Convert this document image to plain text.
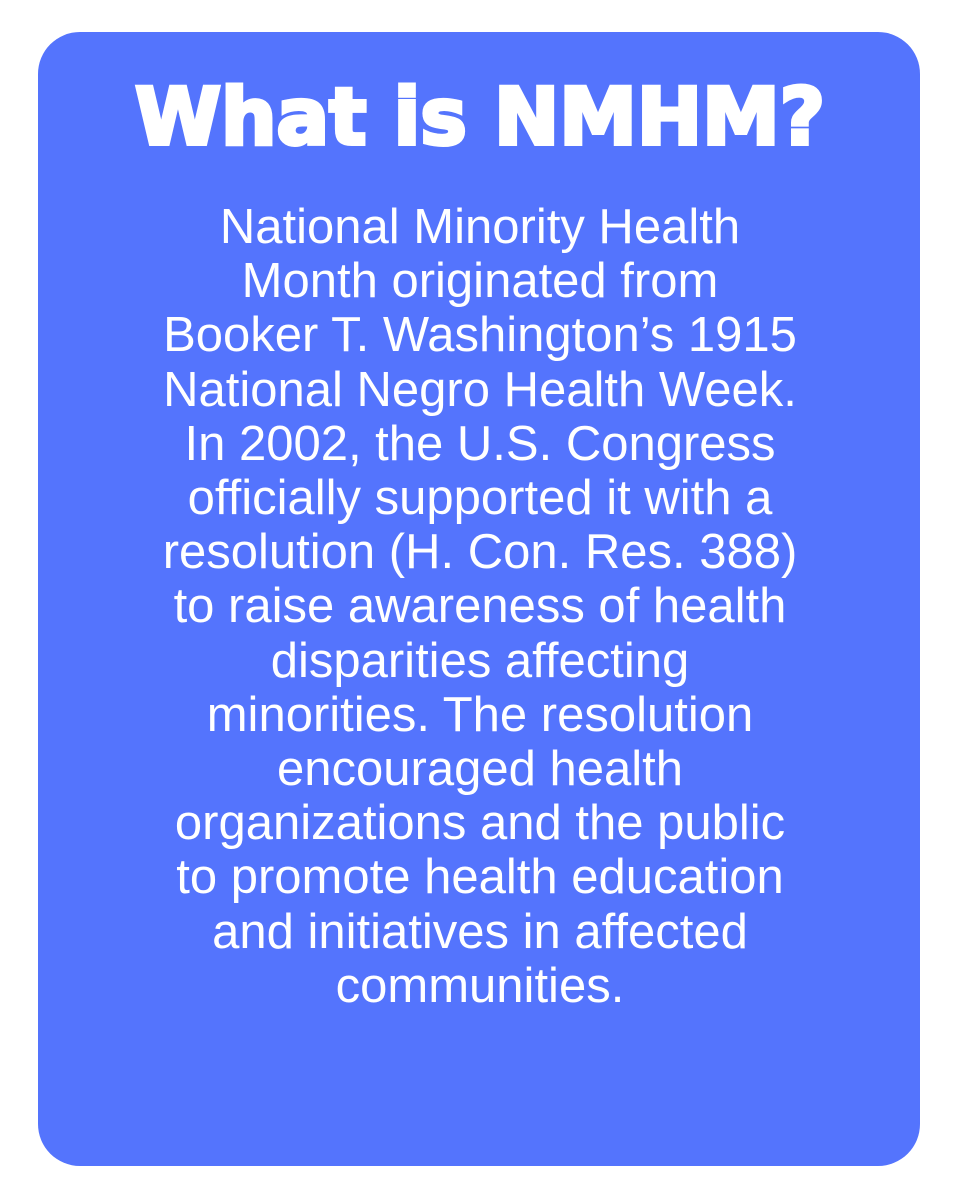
What is NMHM?

National Minority Health
Month originated from
Booker T. Washington’s 1915
National Negro Health Week.
In 2002, the U.S. Congress
officially supported it with a
resolution (H. Con. Res. 388)
to raise awareness of health
disparities affecting
minorities. The resolution
encouraged health
organizations and the public
to promote health education
and initiatives in affected
communities.
